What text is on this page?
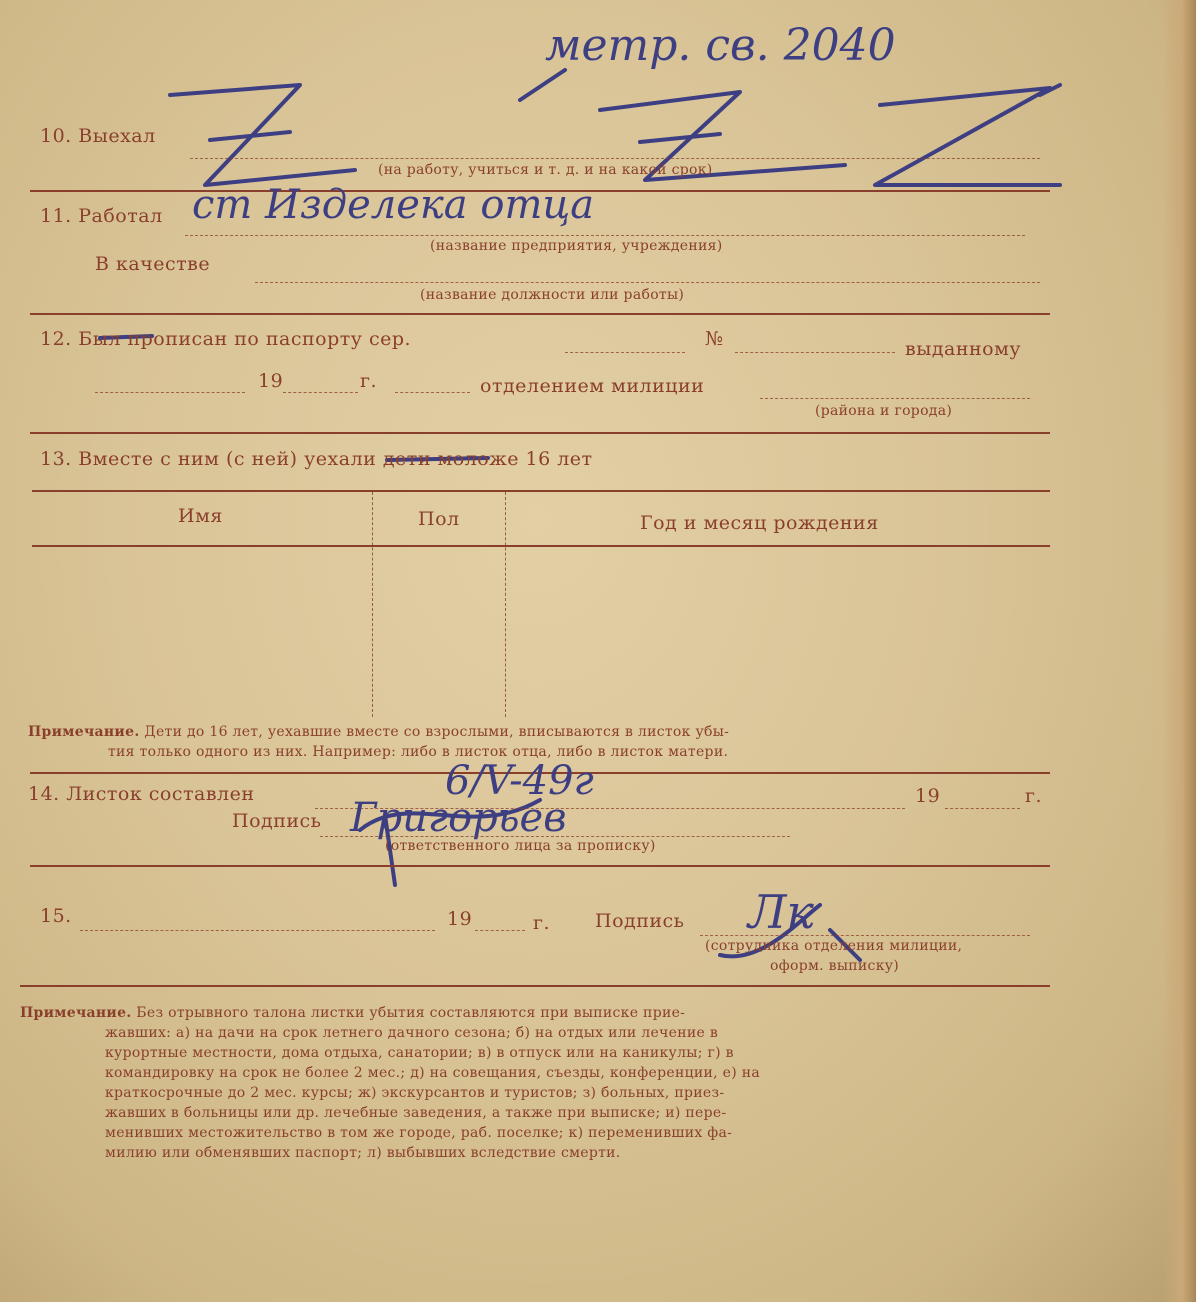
метр. св. 2040
10. Выехал
(на работу, учиться и т. д. и на какой срок)
11. Работал ст Изделека отца
(название предприятия, учреждения)
В качестве
(название должности или работы)
12. Был прописан по паспорту сер.	№	выданному
19	г.	отделением милиции
(района и города)
13. Вместе с ним (с ней) уехали дети моложе 16 лет
Имя	Пол	Год и месяц рождения
Примечание. Дети до 16 лет, уехавшие вместе со взрослыми, вписываются в листок убы-
тия только одного из них. Например: либо в листок отца, либо в листок матери.
14. Листок составлен	6/V-49г	19	г.
Подпись Григорьев
(ответственного лица за прописку)
15.	19	г. Подпись Лк
(сотрудника отделения милиции,
оформ. выписку)
Примечание. Без отрывного талона листки убытия составляются при выписке прие-
жавших: а) на дачи на срок летнего дачного сезона; б) на отдых или лечение в
курортные местности, дома отдыха, санатории; в) в отпуск или на каникулы; г) в
командировку на срок не более 2 мес.; д) на совещания, съезды, конференции, е) на
краткосрочные до 2 мес. курсы; ж) экскурсантов и туристов; з) больных, приез-
жавших в больницы или др. лечебные заведения, а также при выписке; и) пере-
менивших местожительство в том же городе, раб. поселке; к) переменивших фа-
милию или обменявших паспорт; л) выбывших вследствие смерти.
